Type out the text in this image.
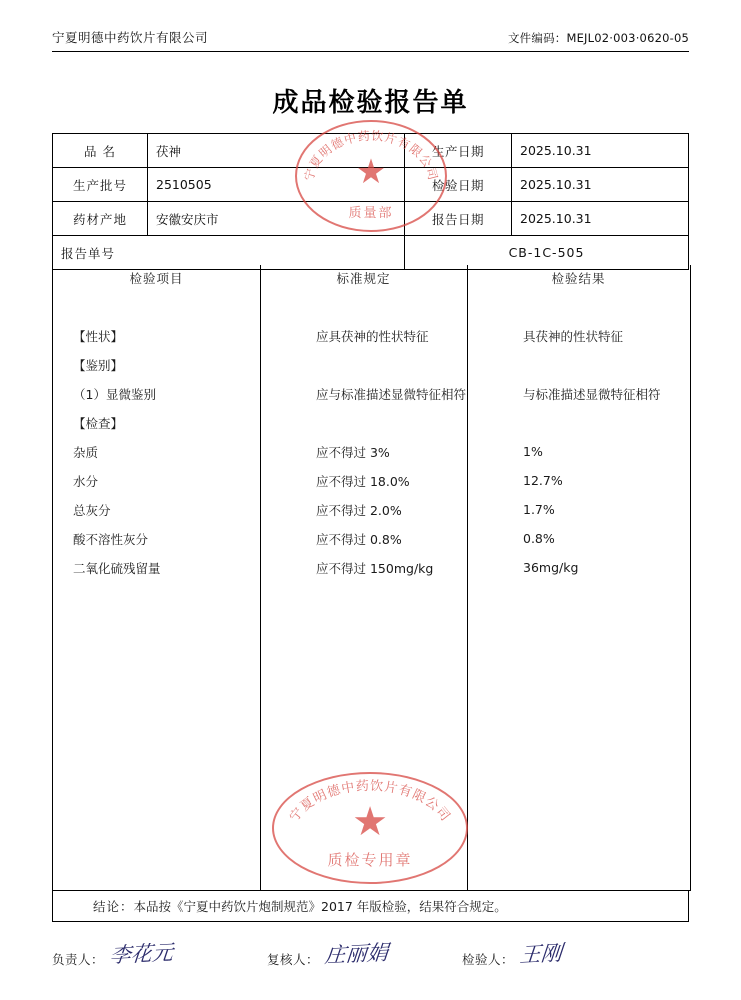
宁夏明德中药饮片有限公司	文件编码：MEJL02·003·0620-05
成品检验报告单
品 名	茯神	生产日期	2025.10.31
生产批号	2510505	检验日期	2025.10.31
药材产地	安徽安庆市	报告日期	2025.10.31
报告单号		CB-1C-505	
检验项目	标准规定	检验结果
【性状】	应具茯神的性状特征	具茯神的性状特征
【鉴别】
（1）显微鉴别	应与标准描述显微特征相符	与标准描述显微特征相符
【检查】
杂质	应不得过 3%	1%
水分	应不得过 18.0%	12.7%
总灰分	应不得过 2.0%	1.7%
酸不溶性灰分	应不得过 0.8%	0.8%
二氧化硫残留量	应不得过 150mg/kg	36mg/kg
结论： 本品按《宁夏中药饮片炮制规范》2017 年版检验，结果符合规定。
负责人： 李花元	复核人： 庄丽娟	检验人： 王刚
宁夏明德中药饮片有限公司
★
质量部
宁夏明德中药饮片有限公司
★
质检专用章
